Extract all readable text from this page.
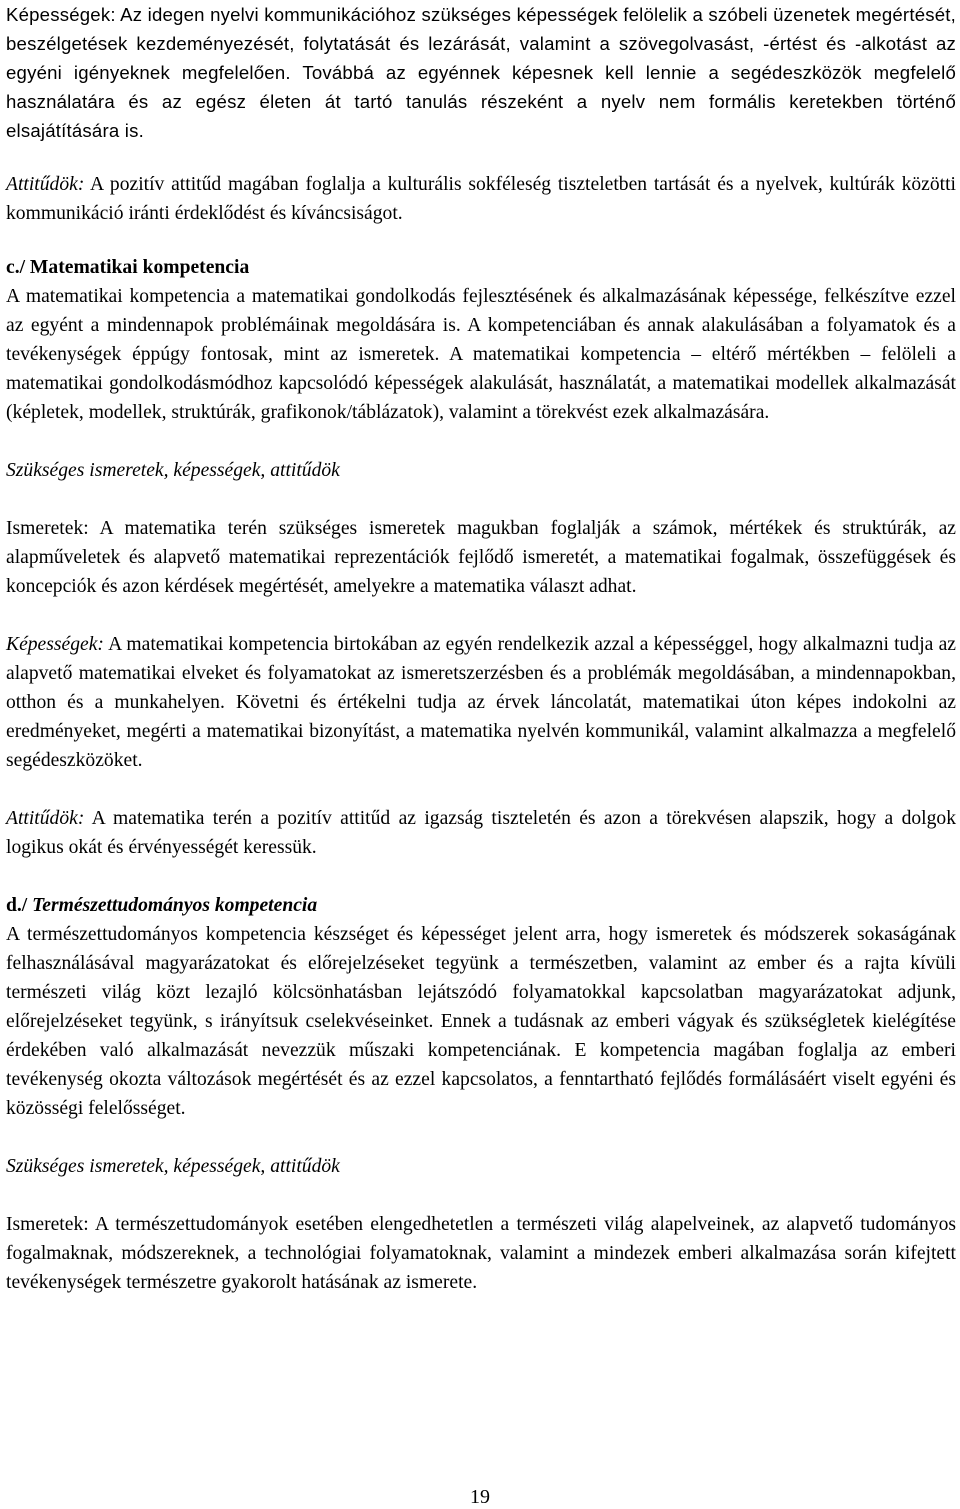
Képességek: Az idegen nyelvi kommunikációhoz szükséges képességek felölelik a szóbeli üzenetek megértését, beszélgetések kezdeményezését, folytatását és lezárását, valamint a szövegolvasást, -értést és -alkotást az egyéni igényeknek megfelelően. Továbbá az egyénnek képesnek kell lennie a segédeszközök megfelelő használatára és az egész életen át tartó tanulás részeként a nyelv nem formális keretekben történő elsajátítására is.

Attitűdök: A pozitív attitűd magában foglalja a kulturális sokféleség tiszteletben tartását és a nyelvek, kultúrák közötti kommunikáció iránti érdeklődést és kíváncsiságot.

c./ Matematikai kompetencia

A matematikai kompetencia a matematikai gondolkodás fejlesztésének és alkalmazásának képessége, felkészítve ezzel az egyént a mindennapok problémáinak megoldására is. A kompetenciában és annak alakulásában a folyamatok és a tevékenységek éppúgy fontosak, mint az ismeretek. A matematikai kompetencia – eltérő mértékben – felöleli a matematikai gondolkodásmódhoz kapcsolódó képességek alakulását, használatát, a matematikai modellek alkalmazását (képletek, modellek, struktúrák, grafikonok/táblázatok), valamint a törekvést ezek alkalmazására.

Szükséges ismeretek, képességek, attitűdök

Ismeretek: A matematika terén szükséges ismeretek magukban foglalják a számok, mértékek és struktúrák, az alapműveletek és alapvető matematikai reprezentációk fejlődő ismeretét, a matematikai fogalmak, összefüggések és koncepciók és azon kérdések megértését, amelyekre a matematika választ adhat.

Képességek: A matematikai kompetencia birtokában az egyén rendelkezik azzal a képességgel, hogy alkalmazni tudja az alapvető matematikai elveket és folyamatokat az ismeretszerzésben és a problémák megoldásában, a mindennapokban, otthon és a munkahelyen. Követni és értékelni tudja az érvek láncolatát, matematikai úton képes indokolni az eredményeket, megérti a matematikai bizonyítást, a matematika nyelvén kommunikál, valamint alkalmazza a megfelelő segédeszközöket.

Attitűdök: A matematika terén a pozitív attitűd az igazság tiszteletén és azon a törekvésen alapszik, hogy a dolgok logikus okát és érvényességét keressük.

d./ Természettudományos kompetencia

A természettudományos kompetencia készséget és képességet jelent arra, hogy ismeretek és módszerek sokaságának felhasználásával magyarázatokat és előrejelzéseket tegyünk a természetben, valamint az ember és a rajta kívüli természeti világ közt lezajló kölcsönhatásban lejátszódó folyamatokkal kapcsolatban magyarázatokat adjunk, előrejelzéseket tegyünk, s irányítsuk cselekvéseinket. Ennek a tudásnak az emberi vágyak és szükségletek kielégítése érdekében való alkalmazását nevezzük műszaki kompetenciának. E kompetencia magában foglalja az emberi tevékenység okozta változások megértését és az ezzel kapcsolatos, a fenntartható fejlődés formálásáért viselt egyéni és közösségi felelősséget.

Szükséges ismeretek, képességek, attitűdök

Ismeretek: A természettudományok esetében elengedhetetlen a természeti világ alapelveinek, az alapvető tudományos fogalmaknak, módszereknek, a technológiai folyamatoknak, valamint a mindezek emberi alkalmazása során kifejtett tevékenységek természetre gyakorolt hatásának az ismerete.

19
